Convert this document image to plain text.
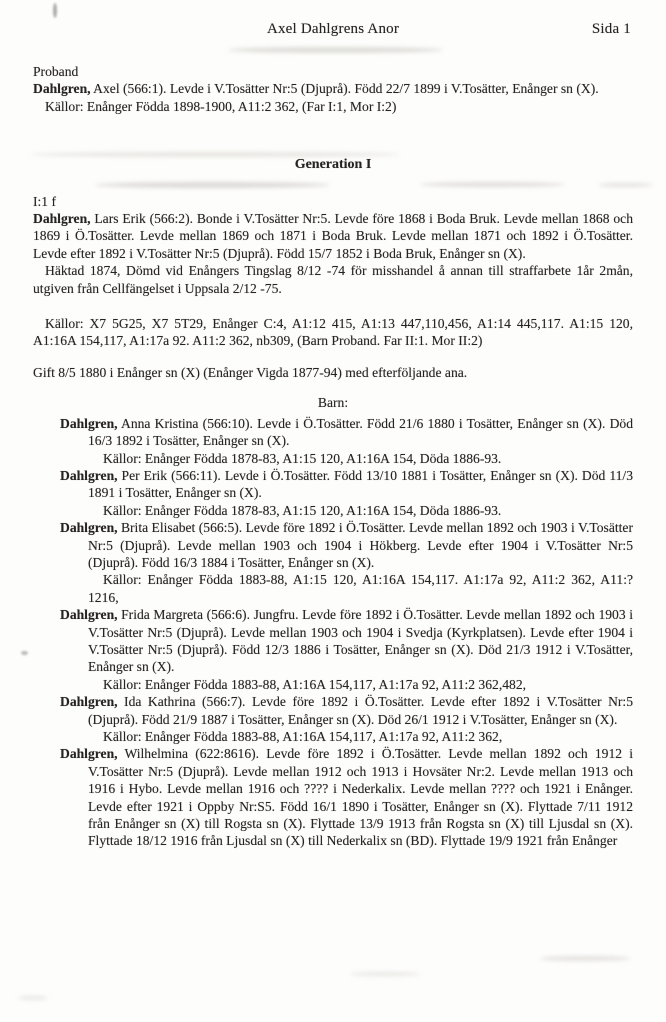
Axel Dahlgrens Anor	Sida 1

Proband

Dahlgren, Axel (566:1). Levde i V.Tosätter Nr:5 (Djuprå). Född 22/7 1899 i V.Tosätter, Enånger sn (X).

Källor: Enånger Födda 1898-1900, A11:2 362, (Far I:1, Mor I:2)

Generation I

I:1 f

Dahlgren, Lars Erik (566:2). Bonde i V.Tosätter Nr:5. Levde före 1868 i Boda Bruk. Levde mellan 1868 och 1869 i Ö.Tosätter. Levde mellan 1869 och 1871 i Boda Bruk. Levde mellan 1871 och 1892 i Ö.Tosätter. Levde efter 1892 i V.Tosätter Nr:5 (Djuprå). Född 15/7 1852 i Boda Bruk, Enånger sn (X).

Häktad 1874, Dömd vid Enångers Tingslag 8/12 -74 för misshandel å annan till straffarbete 1år 2mån, utgiven från Cellfängelset i Uppsala 2/12 -75.

Källor: X7 5G25, X7 5T29, Enånger C:4, A1:12 415, A1:13 447,110,456, A1:14 445,117. A1:15 120, A1:16A 154,117, A1:17a 92. A11:2 362, nb309, (Barn Proband. Far II:1. Mor II:2)

Gift 8/5 1880 i Enånger sn (X) (Enånger Vigda 1877-94) med efterföljande ana.

Barn:

Dahlgren, Anna Kristina (566:10). Levde i Ö.Tosätter. Född 21/6 1880 i Tosätter, Enånger sn (X). Död 16/3 1892 i Tosätter, Enånger sn (X).

Källor: Enånger Födda 1878-83, A1:15 120, A1:16A 154, Döda 1886-93.

Dahlgren, Per Erik (566:11). Levde i Ö.Tosätter. Född 13/10 1881 i Tosätter, Enånger sn (X). Död 11/3 1891 i Tosätter, Enånger sn (X).

Källor: Enånger Födda 1878-83, A1:15 120, A1:16A 154, Döda 1886-93.

Dahlgren, Brita Elisabet (566:5). Levde före 1892 i Ö.Tosätter. Levde mellan 1892 och 1903 i V.Tosätter Nr:5 (Djuprå). Levde mellan 1903 och 1904 i Hökberg. Levde efter 1904 i V.Tosätter Nr:5 (Djuprå). Född 16/3 1884 i Tosätter, Enånger sn (X).

Källor: Enånger Födda 1883-88, A1:15 120, A1:16A 154,117. A1:17a 92, A11:2 362, A11:? 1216,

Dahlgren, Frida Margreta (566:6). Jungfru. Levde före 1892 i Ö.Tosätter. Levde mellan 1892 och 1903 i V.Tosätter Nr:5 (Djuprå). Levde mellan 1903 och 1904 i Svedja (Kyrkplatsen). Levde efter 1904 i V.Tosätter Nr:5 (Djuprå). Född 12/3 1886 i Tosätter, Enånger sn (X). Död 21/3 1912 i V.Tosätter, Enånger sn (X).

Källor: Enånger Födda 1883-88, A1:16A 154,117, A1:17a 92, A11:2 362,482,

Dahlgren, Ida Kathrina (566:7). Levde före 1892 i Ö.Tosätter. Levde efter 1892 i V.Tosätter Nr:5 (Djuprå). Född 21/9 1887 i Tosätter, Enånger sn (X). Död 26/1 1912 i V.Tosätter, Enånger sn (X).

Källor: Enånger Födda 1883-88, A1:16A 154,117, A1:17a 92, A11:2 362,

Dahlgren, Wilhelmina (622:8616). Levde före 1892 i Ö.Tosätter. Levde mellan 1892 och 1912 i V.Tosätter Nr:5 (Djuprå). Levde mellan 1912 och 1913 i Hovsäter Nr:2. Levde mellan 1913 och 1916 i Hybo. Levde mellan 1916 och ???? i Nederkalix. Levde mellan ???? och 1921 i Enånger. Levde efter 1921 i Oppby Nr:S5. Född 16/1 1890 i Tosätter, Enånger sn (X). Flyttade 7/11 1912 från Enånger sn (X) till Rogsta sn (X). Flyttade 13/9 1913 från Rogsta sn (X) till Ljusdal sn (X). Flyttade 18/12 1916 från Ljusdal sn (X) till Nederkalix sn (BD). Flyttade 19/9 1921 från Enånger
